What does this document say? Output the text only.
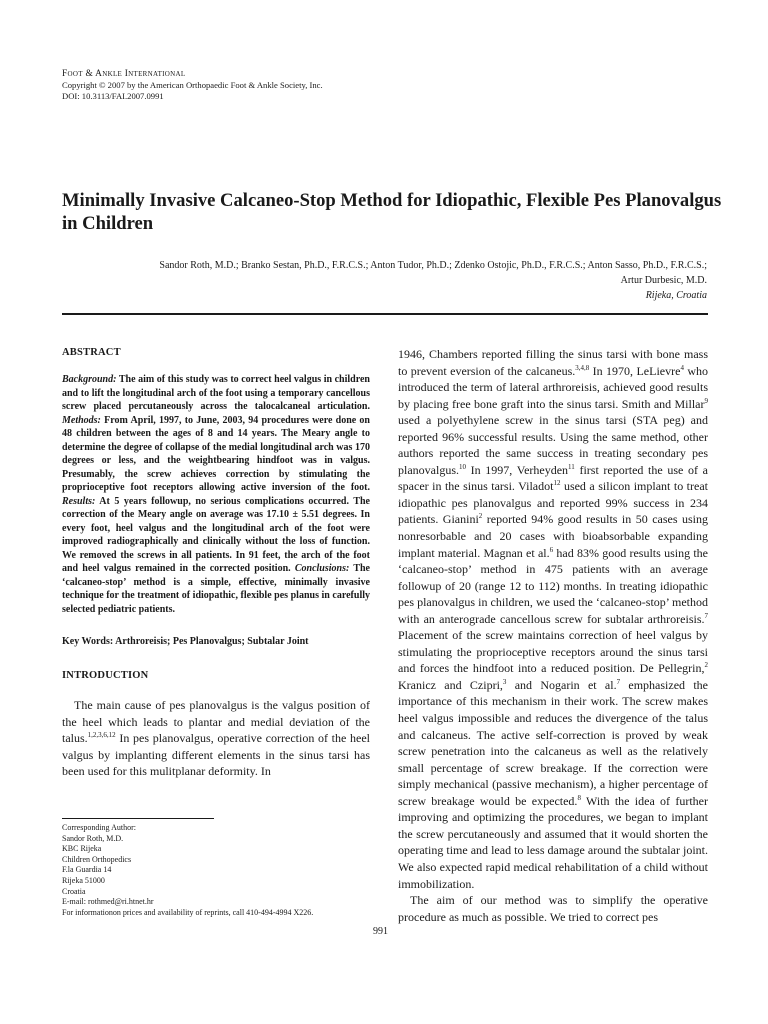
Foot & Ankle International
Copyright © 2007 by the American Orthopaedic Foot & Ankle Society, Inc.
DOI: 10.3113/FAI.2007.0991
Minimally Invasive Calcaneo-Stop Method for Idiopathic, Flexible Pes Planovalgus in Children
Sandor Roth, M.D.; Branko Sestan, Ph.D., F.R.C.S.; Anton Tudor, Ph.D.; Zdenko Ostojic, Ph.D., F.R.C.S.; Anton Sasso, Ph.D., F.R.C.S.;
Artur Durbesic, M.D.
Rijeka, Croatia
ABSTRACT

Background: The aim of this study was to correct heel valgus in children and to lift the longitudinal arch of the foot using a temporary cancellous screw placed percutaneously across the talocalcaneal articulation. Methods: From April, 1997, to June, 2003, 94 procedures were done on 48 children between the ages of 8 and 14 years. The Meary angle to determine the degree of collapse of the medial longitudinal arch was 170 degrees or less, and the weightbearing hindfoot was in valgus. Presumably, the screw achieves correction by stimulating the proprioceptive foot receptors allowing active inversion of the foot. Results: At 5 years followup, no serious complications occurred. The correction of the Meary angle on average was 17.10 ± 5.51 degrees. In every foot, heel valgus and the longitudinal arch of the foot were improved radiographically and clinically without the loss of function. We removed the screws in all patients. In 91 feet, the arch of the foot and heel valgus remained in the corrected position. Conclusions: The ‘calcaneo-stop’ method is a simple, effective, minimally invasive technique for the treatment of idiopathic, flexible pes planus in carefully selected pediatric patients.

Key Words: Arthroreisis; Pes Planovalgus; Subtalar Joint

INTRODUCTION

The main cause of pes planovalgus is the valgus position of the heel which leads to plantar and medial deviation of the talus.$^{1,2,3,6,12}$ In pes planovalgus, operative correction of the heel valgus by implanting different elements in the sinus tarsi has been used for this mulitplanar deformity. In

1946, Chambers reported filling the sinus tarsi with bone mass to prevent eversion of the calcaneus.$^{3,4,8}$ In 1970, LeLievre$^4$ who introduced the term of lateral arthroreisis, achieved good results by placing free bone graft into the sinus tarsi. Smith and Millar$^9$ used a polyethylene screw in the sinus tarsi (STA peg) and reported 96% successful results. Using the same method, other authors reported the same success in treating secondary pes planovalgus.$^{10}$ In 1997, Verheyden$^{11}$ first reported the use of a spacer in the sinus tarsi. Viladot$^{12}$ used a silicon implant to treat idiopathic pes planovalgus and reported 99% success in 234 patients. Gianini$^2$ reported 94% good results in 50 cases using nonresorbable and 20 cases with bioabsorbable expanding implant material. Magnan et al.$^6$ had 83% good results using the ‘calcaneo-stop’ method in 475 patients with an average followup of 20 (range 12 to 112) months. In treating idiopathic pes planovalgus in children, we used the ‘calcaneo-stop’ method with an anterograde cancellous screw for subtalar arthroreisis.$^7$ Placement of the screw maintains correction of heel valgus by stimulating the proprioceptive receptors around the sinus tarsi and forces the hindfoot into a reduced position. De Pellegrin,$^2$ Kranicz and Czipri,$^3$ and Nogarin et al.$^7$ emphasized the importance of this mechanism in their work. The screw makes heel valgus impossible and reduces the divergence of the talus and calcaneus. The active self-correction is proved by weak screw penetration into the calcaneus as well as the relatively small percentage of screw breakage. If the correction were simply mechanical (passive mechanism), a higher percentage of screw breakage would be expected.$^8$ With the idea of further improving and optimizing the procedures, we began to implant the screw percutaneously and assumed that it would shorten the operating time and lead to less damage around the subtalar joint. We also expected rapid medical rehabilitation of a child without immobilization.

The aim of our method was to simplify the operative procedure as much as possible. We tried to correct pes

Corresponding Author:
Sandor Roth, M.D.
KBC Rijeka
Children Orthopedics
F.la Guardia 14
Rijeka 51000
Croatia
E-mail: rothmed@ri.htnet.hr
For informationon prices and availability of reprints, call 410-494-4994 X226.
991
